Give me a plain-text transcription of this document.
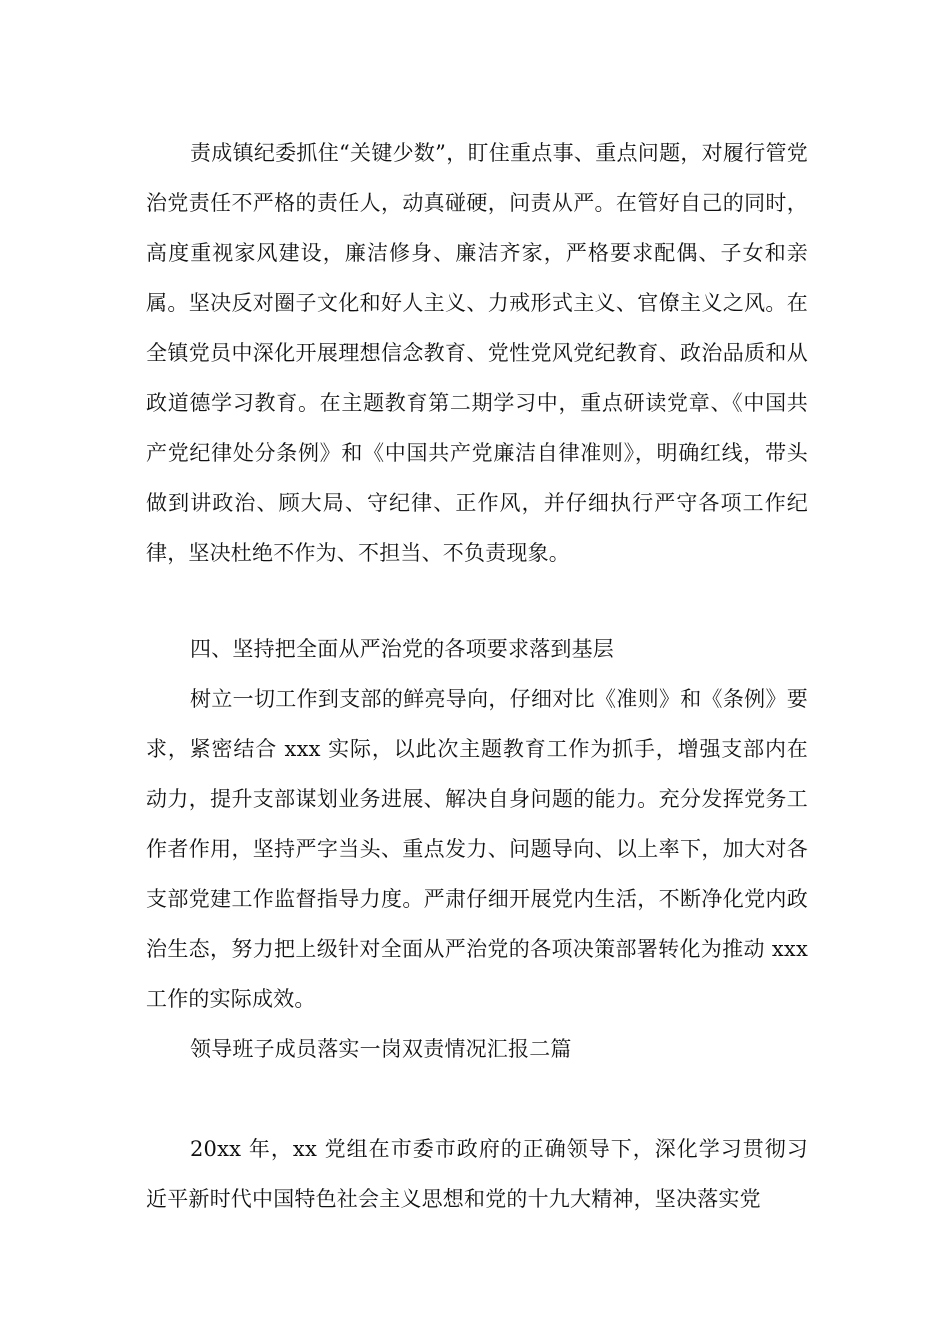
责成镇纪委抓住“关键少数”，盯住重点事、重点问题，对履行管党治党责任不严格的责任人，动真碰硬，问责从严。在管好自己的同时，高度重视家风建设，廉洁修身、廉洁齐家，严格要求配偶、子女和亲属。坚决反对圈子文化和好人主义、力戒形式主义、官僚主义之风。在全镇党员中深化开展理想信念教育、党性党风党纪教育、政治品质和从政道德学习教育。在主题教育第二期学习中，重点研读党章、《中国共产党纪律处分条例》和《中国共产党廉洁自律准则》，明确红线，带头做到讲政治、顾大局、守纪律、正作风，并仔细执行严守各项工作纪律，坚决杜绝不作为、不担当、不负责现象。

四、坚持把全面从严治党的各项要求落到基层

树立一切工作到支部的鲜亮导向，仔细对比《准则》和《条例》要求，紧密结合 xxx 实际，以此次主题教育工作为抓手，增强支部内在动力，提升支部谋划业务进展、解决自身问题的能力。充分发挥党务工作者作用，坚持严字当头、重点发力、问题导向、以上率下，加大对各支部党建工作监督指导力度。严肃仔细开展党内生活，不断净化党内政治生态，努力把上级针对全面从严治党的各项决策部署转化为推动 xxx 工作的实际成效。

领导班子成员落实一岗双责情况汇报二篇

20xx 年，xx 党组在市委市政府的正确领导下，深化学习贯彻习近平新时代中国特色社会主义思想和党的十九大精神，坚决落实党
